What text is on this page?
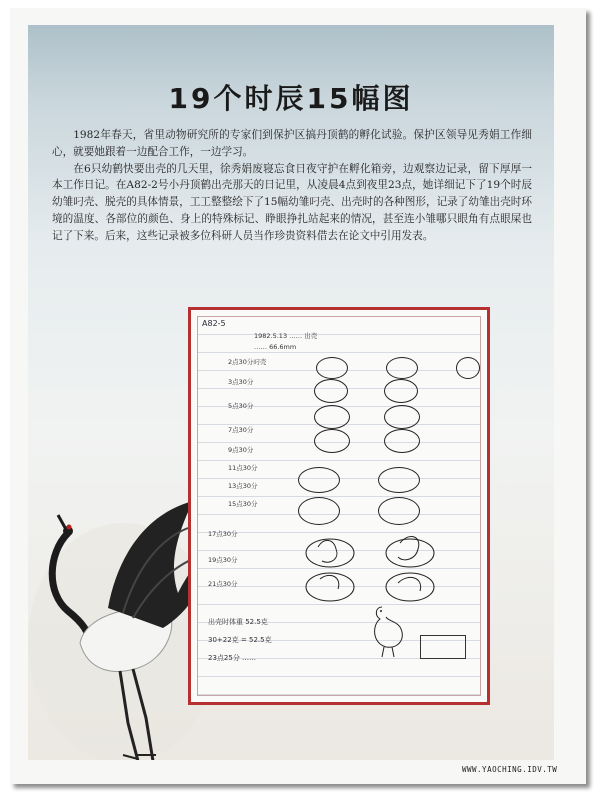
19个时辰15幅图

1982年春天，省里动物研究所的专家们到保护区搞丹顶鹤的孵化试验。保护区领导见秀娟工作细心，就要她跟着一边配合工作，一边学习。

在6只幼鹤快要出壳的几天里，徐秀娟废寝忘食日夜守护在孵化箱旁，边观察边记录，留下厚厚一本工作日记。在A82-2号小丹顶鹤出壳那天的日记里，从凌晨4点到夜里23点，她详细记下了19个时辰幼雏叼壳、脱壳的具体情景，工工整整绘下了15幅幼雏叼壳、出壳时的各种图形，记录了幼雏出壳时环境的温度、各部位的颜色、身上的特殊标记、睁眼挣扎站起来的情况，甚至连小雏哪只眼角有点眼屎也记了下来。后来，这些记录被多位科研人员当作珍贵资料借去在论文中引用发表。

A82-5
1982.5.13 …… 出壳
…… 66.6mm
2点30分叼壳
3点30分
5点30分
7点30分
9点30分
11点30分
13点30分
15点30分
17点30分
19点30分
21点30分
出壳时体重 52.5克
30+22克 = 52.5克
23点25分 ……
WWW.YAOCHING.IDV.TW
